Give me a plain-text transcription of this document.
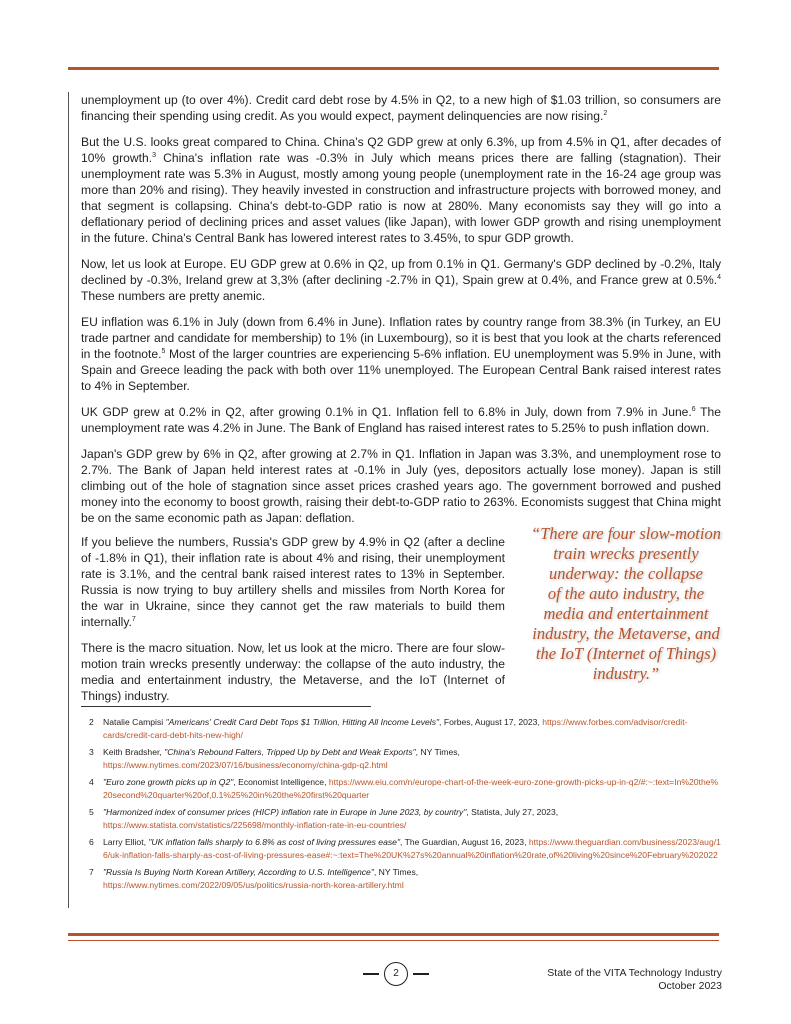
unemployment up (to over 4%). Credit card debt rose by 4.5% in Q2, to a new high of $1.03 trillion, so consumers are financing their spending using credit. As you would expect, payment delinquencies are now rising.$^2$

But the U.S. looks great compared to China. China's Q2 GDP grew at only 6.3%, up from 4.5% in Q1, after decades of 10% growth.$^3$ China's inflation rate was -0.3% in July which means prices there are falling (stagnation). Their unemployment rate was 5.3% in August, mostly among young people (unemployment rate in the 16-24 age group was more than 20% and rising). They heavily invested in construction and infrastructure projects with borrowed money, and that segment is collapsing. China's debt-to-GDP ratio is now at 280%. Many economists say they will go into a deflationary period of declining prices and asset values (like Japan), with lower GDP growth and rising unemployment in the future. China's Central Bank has lowered interest rates to 3.45%, to spur GDP growth.

Now, let us look at Europe. EU GDP grew at 0.6% in Q2, up from 0.1% in Q1. Germany's GDP declined by -0.2%, Italy declined by -0.3%, Ireland grew at 3,3% (after declining -2.7% in Q1), Spain grew at 0.4%, and France grew at 0.5%.$^4$ These numbers are pretty anemic.

EU inflation was 6.1% in July (down from 6.4% in June). Inflation rates by country range from 38.3% (in Turkey, an EU trade partner and candidate for membership) to 1% (in Luxembourg), so it is best that you look at the charts referenced in the footnote.$^5$ Most of the larger countries are experiencing 5-6% inflation. EU unemployment was 5.9% in June, with Spain and Greece leading the pack with both over 11% unemployed. The European Central Bank raised interest rates to 4% in September.

UK GDP grew at 0.2% in Q2, after growing 0.1% in Q1. Inflation fell to 6.8% in July, down from 7.9% in June.$^6$ The unemployment rate was 4.2% in June. The Bank of England has raised interest rates to 5.25% to push inflation down.

Japan's GDP grew by 6% in Q2, after growing at 2.7% in Q1. Inflation in Japan was 3.3%, and unemployment rose to 2.7%. The Bank of Japan held interest rates at -0.1% in July (yes, depositors actually lose money). Japan is still climbing out of the hole of stagnation since asset prices crashed years ago. The government borrowed and pushed money into the economy to boost growth, raising their debt-to-GDP ratio to 263%. Economists suggest that China might be on the same economic path as Japan: deflation.

If you believe the numbers, Russia's GDP grew by 4.9% in Q2 (after a decline of -1.8% in Q1), their inflation rate is about 4% and rising, their unemployment rate is 3.1%, and the central bank raised interest rates to 13% in September. Russia is now trying to buy artillery shells and missiles from North Korea for the war in Ukraine, since they cannot get the raw materials to build them internally.$^7$

There is the macro situation. Now, let us look at the micro. There are four slow-motion train wrecks presently underway: the collapse of the auto industry, the media and entertainment industry, the Metaverse, and the IoT (Internet of Things) industry.

“There are four slow-motion
train wrecks presently
underway: the collapse
of the auto industry, the
media and entertainment
industry, the Metaverse, and
the IoT (Internet of Things)
industry.”
2	Natalie Campisi "Americans' Credit Card Debt Tops $1 Trillion, Hitting All Income Levels", Forbes, August 17, 2023, https://www.forbes.com/advisor/credit-cards/credit-card-debt-hits-new-high/
3	Keith Bradsher, "China's Rebound Falters, Tripped Up by Debt and Weak Exports", NY Times,
https://www.nytimes.com/2023/07/16/business/economy/china-gdp-q2.html
4	"Euro zone growth picks up in Q2", Economist Intelligence, https://www.eiu.com/n/europe-chart-of-the-week-euro-zone-growth-picks-up-in-q2/#:~:text=In%20the%20second%20quarter%20of,0.1%25%20in%20the%20first%20quarter
5	"Harmonized index of consumer prices (HICP) inflation rate in Europe in June 2023, by country", Statista, July 27, 2023,
https://www.statista.com/statistics/225698/monthly-inflation-rate-in-eu-countries/
6	Larry Elliot, "UK inflation falls sharply to 6.8% as cost of living pressures ease", The Guardian, August 16, 2023, https://www.theguardian.com/business/2023/aug/16/uk-inflation-falls-sharply-as-cost-of-living-pressures-ease#:~:text=The%20UK%27s%20annual%20inflation%20rate,of%20living%20since%20February%202022
7	"Russia Is Buying North Korean Artillery, According to U.S. Intelligence", NY Times,
https://www.nytimes.com/2022/09/05/us/politics/russia-north-korea-artillery.html
2	State of the VITA Technology Industry
October 2023
